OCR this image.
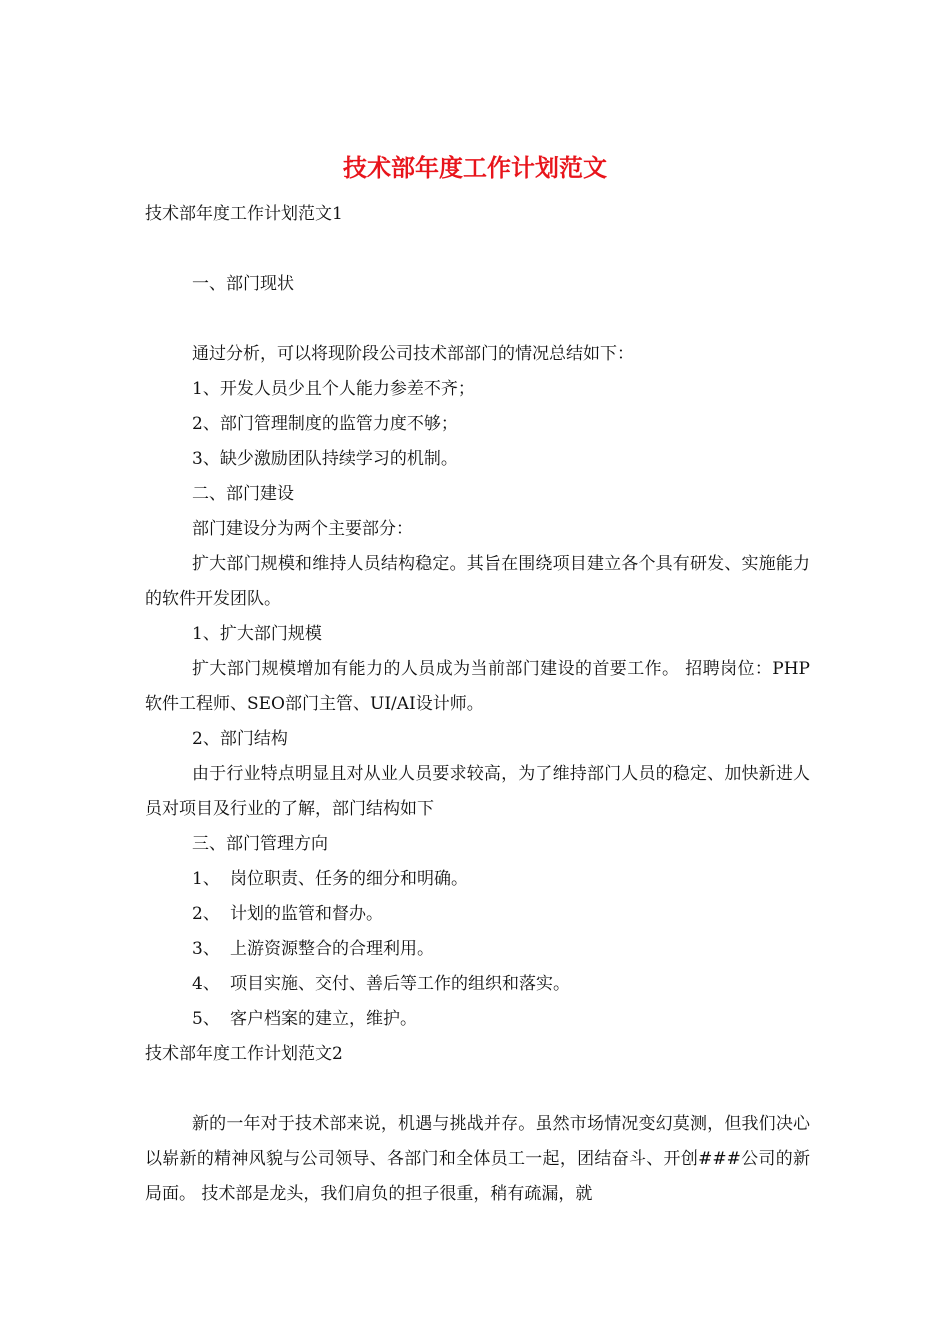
技术部年度工作计划范文

技术部年度工作计划范文1

一、部门现状

通过分析，可以将现阶段公司技术部部门的情况总结如下：

1、开发人员少且个人能力参差不齐；

2、部门管理制度的监管力度不够；

3、缺少激励团队持续学习的机制。

二、部门建设

部门建设分为两个主要部分：

扩大部门规模和维持人员结构稳定。其旨在围绕项目建立各个具有研发、实施能力的软件开发团队。

1、扩大部门规模

扩大部门规模增加有能力的人员成为当前部门建设的首要工作。 招聘岗位：PHP软件工程师、SEO部门主管、UI/AI设计师。

2、部门结构

由于行业特点明显且对从业人员要求较高，为了维持部门人员的稳定、加快新进人员对项目及行业的了解，部门结构如下

三、部门管理方向

1、 岗位职责、任务的细分和明确。

2、 计划的监管和督办。

3、 上游资源整合的合理利用。

4、 项目实施、交付、善后等工作的组织和落实。

5、 客户档案的建立，维护。

技术部年度工作计划范文2

新的一年对于技术部来说，机遇与挑战并存。虽然市场情况变幻莫测，但我们决心以崭新的精神风貌与公司领导、各部门和全体员工一起，团结奋斗、开创###公司的新局面。 技术部是龙头，我们肩负的担子很重，稍有疏漏，就
